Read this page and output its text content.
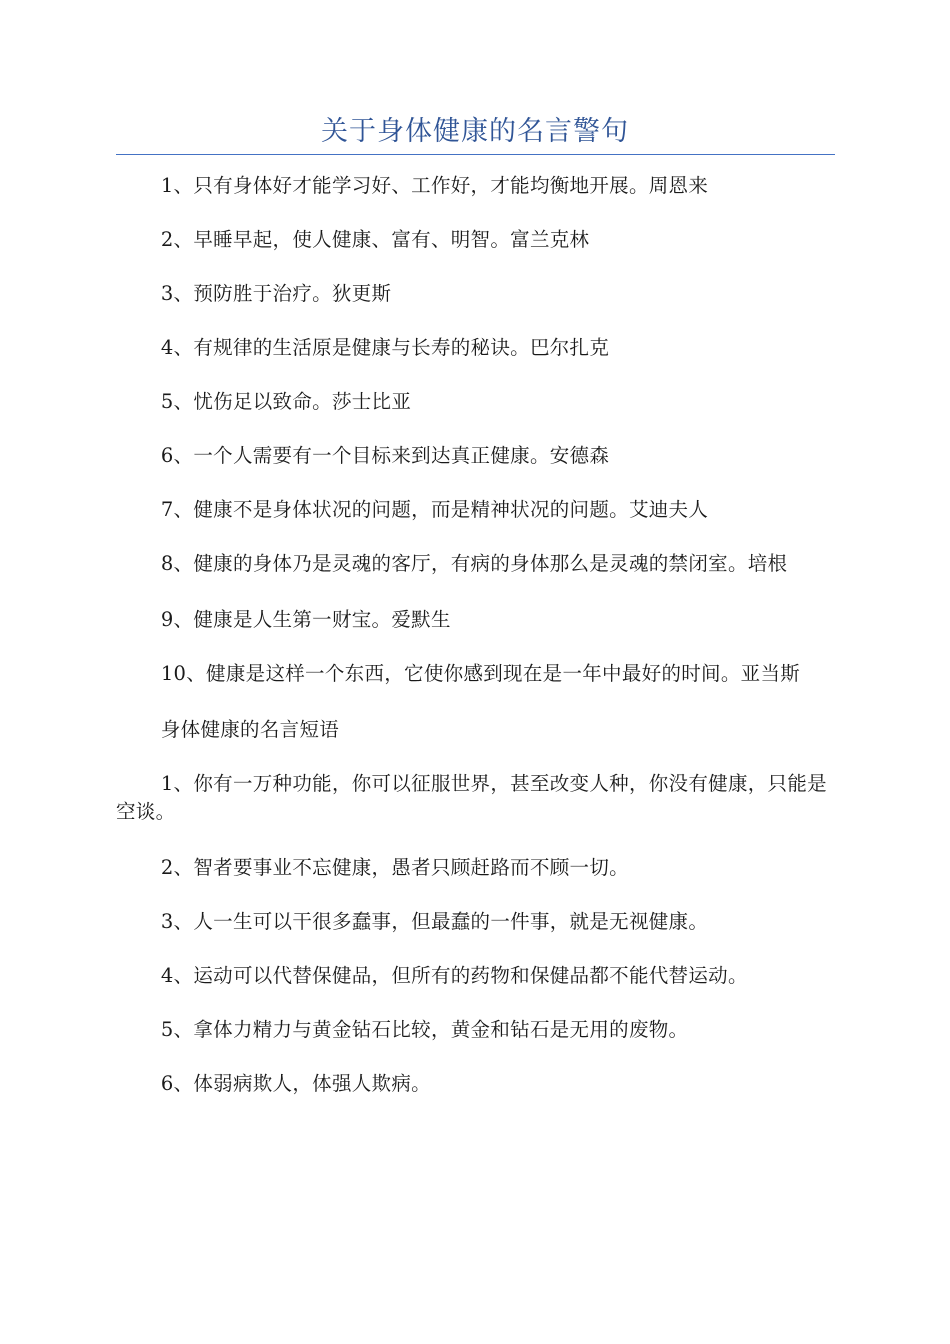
关于身体健康的名言警句

1、只有身体好才能学习好、工作好，才能均衡地开展。周恩来

2、早睡早起，使人健康、富有、明智。富兰克林

3、预防胜于治疗。狄更斯

4、有规律的生活原是健康与长寿的秘诀。巴尔扎克

5、忧伤足以致命。莎士比亚

6、一个人需要有一个目标来到达真正健康。安德森

7、健康不是身体状况的问题，而是精神状况的问题。艾迪夫人

8、健康的身体乃是灵魂的客厅，有病的身体那么是灵魂的禁闭室。培根

9、健康是人生第一财宝。爱默生

10、健康是这样一个东西，它使你感到现在是一年中最好的时间。亚当斯

身体健康的名言短语

1、你有一万种功能，你可以征服世界，甚至改变人种，你没有健康，只能是空谈。

2、智者要事业不忘健康，愚者只顾赶路而不顾一切。

3、人一生可以干很多蠢事，但最蠢的一件事，就是无视健康。

4、运动可以代替保健品，但所有的药物和保健品都不能代替运动。

5、拿体力精力与黄金钻石比较，黄金和钻石是无用的废物。

6、体弱病欺人，体强人欺病。
